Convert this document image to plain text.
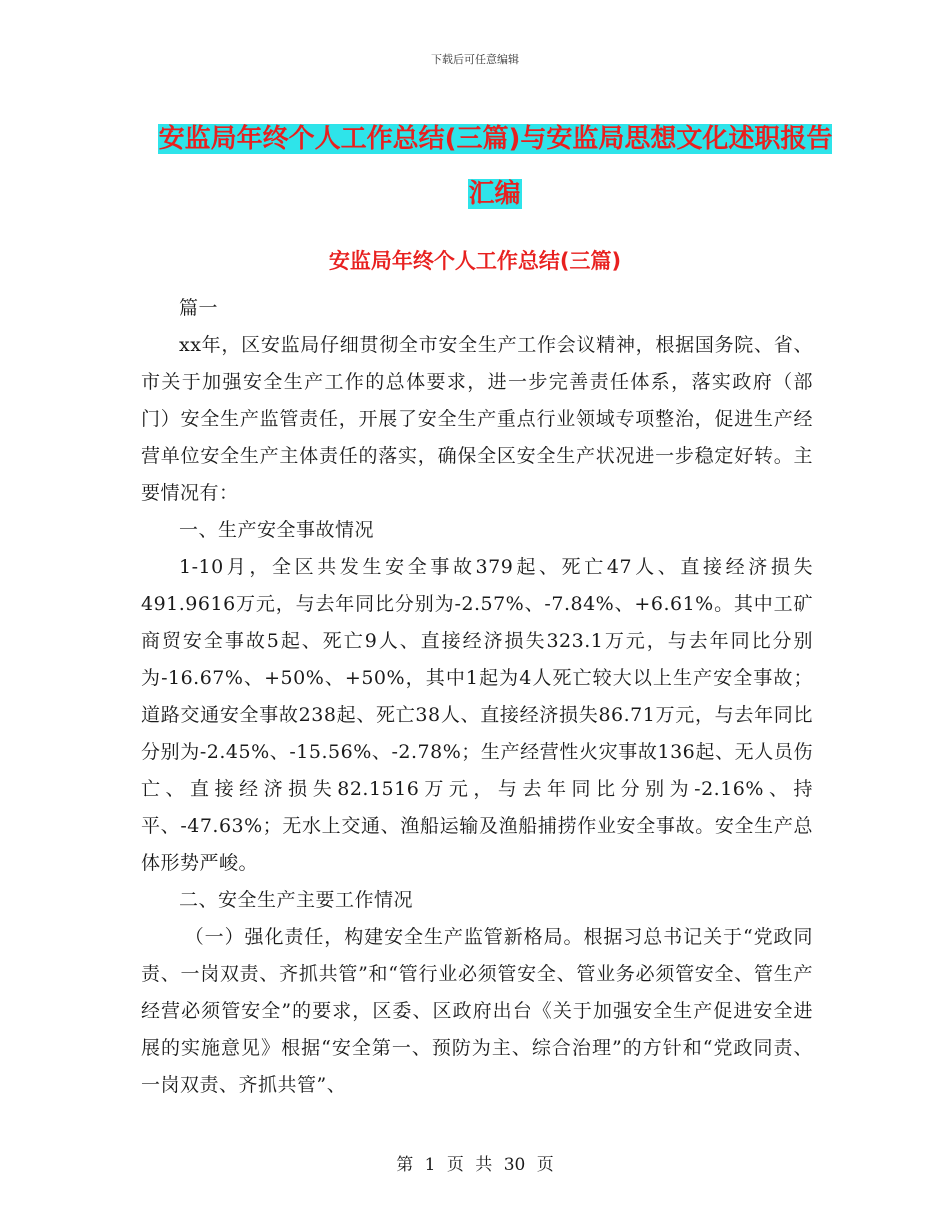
下载后可任意编辑
安监局年终个人工作总结(三篇)与安监局思想文化述职报告汇编
安监局年终个人工作总结(三篇)

篇一

xx年，区安监局仔细贯彻全市安全生产工作会议精神，根据国务院、省、市关于加强安全生产工作的总体要求，进一步完善责任体系，落实政府（部门）安全生产监管责任，开展了安全生产重点行业领域专项整治，促进生产经营单位安全生产主体责任的落实，确保全区安全生产状况进一步稳定好转。主要情况有：

一、生产安全事故情况

1-10月，全区共发生安全事故379起、死亡47人、直接经济损失491.9616万元，与去年同比分别为-2.57%、-7.84%、+6.61%。其中工矿商贸安全事故5起、死亡9人、直接经济损失323.1万元，与去年同比分别为-16.67%、+50%、+50%，其中1起为4人死亡较大以上生产安全事故；道路交通安全事故238起、死亡38人、直接经济损失86.71万元，与去年同比分别为-2.45%、-15.56%、-2.78%；生产经营性火灾事故136起、无人员伤亡、直接经济损失82.1516万元，与去年同比分别为-2.16%、持平、-47.63%；无水上交通、渔船运输及渔船捕捞作业安全事故。安全生产总体形势严峻。

二、安全生产主要工作情况

（一）强化责任，构建安全生产监管新格局。根据习总书记关于“党政同责、一岗双责、齐抓共管”和“管行业必须管安全、管业务必须管安全、管生产经营必须管安全”的要求，区委、区政府出台《关于加强安全生产促进安全进展的实施意见》根据“安全第一、预防为主、综合治理”的方针和“党政同责、一岗双责、齐抓共管”、

第 1 页 共 30 页
